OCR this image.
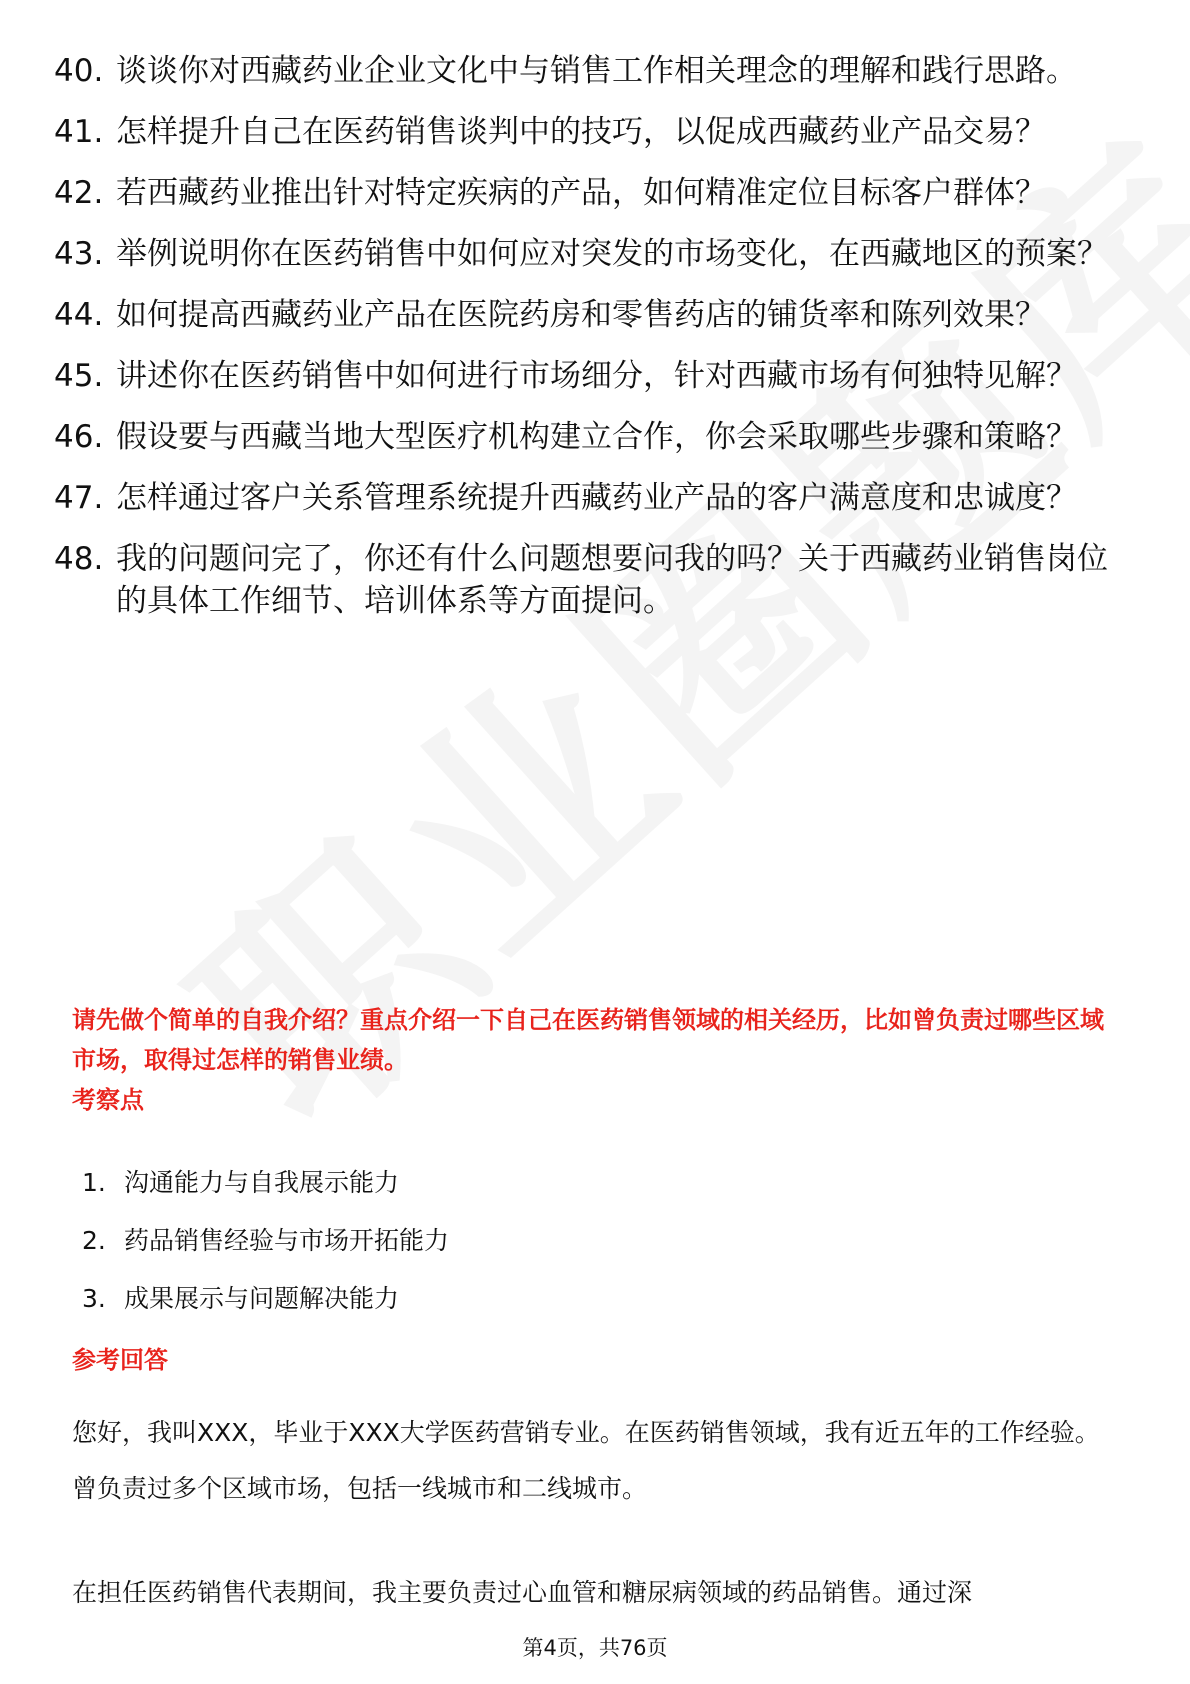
40. 谈谈你对西藏药业企业文化中与销售工作相关理念的理解和践行思路。
41. 怎样提升自己在医药销售谈判中的技巧，以促成西藏药业产品交易？
42. 若西藏药业推出针对特定疾病的产品，如何精准定位目标客户群体？
43. 举例说明你在医药销售中如何应对突发的市场变化，在西藏地区的预案？
44. 如何提高西藏药业产品在医院药房和零售药店的铺货率和陈列效果？
45. 讲述你在医药销售中如何进行市场细分，针对西藏市场有何独特见解？
46. 假设要与西藏当地大型医疗机构建立合作，你会采取哪些步骤和策略？
47. 怎样通过客户关系管理系统提升西藏药业产品的客户满意度和忠诚度？
48. 我的问题问完了，你还有什么问题想要问我的吗？关于西藏药业销售岗位的具体工作细节、培训体系等方面提问。

请先做个简单的自我介绍？重点介绍一下自己在医药销售领域的相关经历，比如曾负责过哪些区域市场，取得过怎样的销售业绩。

考察点
1. 沟通能力与自我展示能力
2. 药品销售经验与市场开拓能力
3. 成果展示与问题解决能力
参考回答

您好，我叫XXX，毕业于XXX大学医药营销专业。在医药销售领域，我有近五年的工作经验。曾负责过多个区域市场，包括一线城市和二线城市。

在担任医药销售代表期间，我主要负责过心血管和糖尿病领域的药品销售。通过深

第4页，共76页
